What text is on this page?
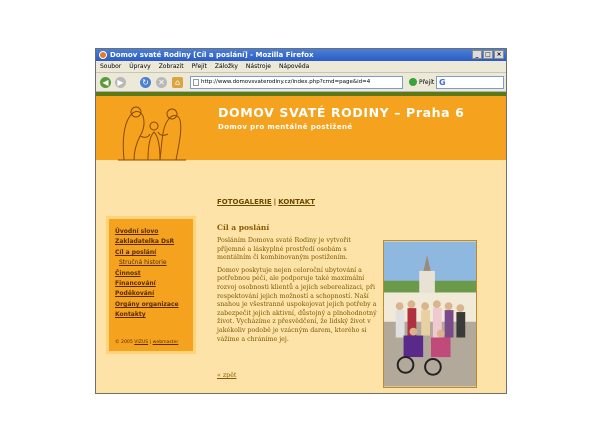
Domov svaté Rodiny [Cíl a poslání] - Mozilla Firefox	_	□ ×
Soubor Úpravy Zobrazit Přejít Záložky Nástroje Nápověda
◀	▶	↻ ✕	⌂	http://www.domovsvaterodiny.cz/index.php?cmd=page&id=4	Přejít G
DOMOV SVATÉ RODINY – Praha 6
Domov pro mentálně postižené
FOTOGALERIE | KONTAKT
Úvodní slovo
Zakladatelka DsR
Cíl a poslání
Stručná historie
Činnost
Financování
Poděkování
Orgány organizace
Kontakty
© 2005 VIZUS | webmaster
Cíl a poslání

Posláním Domova svaté Rodiny je vytvořit příjemné a láskyplné prostředí osobám s mentálním či kombinovaným postižením.

Domov poskytuje nejen celoroční ubytování a potřebnou péči, ale podporuje také maximální rozvoj osobnosti klientů a jejich seberealizaci, při respektování jejich možností a schopností. Naší snahou je všestranně uspokojovat jejich potřeby a zabezpečit jejich aktivní, důstojný a plnohodnotný život. Vycházíme z přesvědčení, že lidský život v jakékoliv podobě je vzácným darem, kterého si vážíme a chráníme jej.

« zpět
